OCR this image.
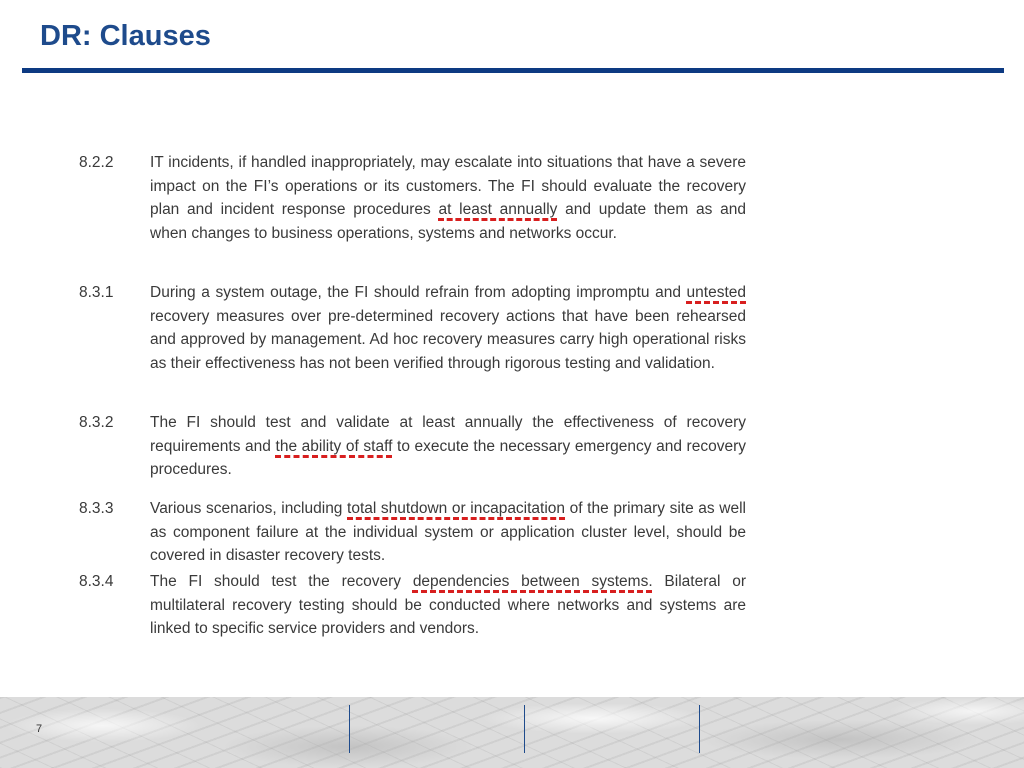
DR: Clauses
8.2.2 IT incidents, if handled inappropriately, may escalate into situations that have a severe impact on the FI’s operations or its customers. The FI should evaluate the recovery plan and incident response procedures at least annually and update them as and when changes to business operations, systems and networks occur.
8.3.1 During a system outage, the FI should refrain from adopting impromptu and untested recovery measures over pre-determined recovery actions that have been rehearsed and approved by management. Ad hoc recovery measures carry high operational risks as their effectiveness has not been verified through rigorous testing and validation.
8.3.2 The FI should test and validate at least annually the effectiveness of recovery requirements and the ability of staff to execute the necessary emergency and recovery procedures.
8.3.3 Various scenarios, including total shutdown or incapacitation of the primary site as well as component failure at the individual system or application cluster level, should be covered in disaster recovery tests.
8.3.4 The FI should test the recovery dependencies between systems. Bilateral or multilateral recovery testing should be conducted where networks and systems are linked to specific service providers and vendors.
7
